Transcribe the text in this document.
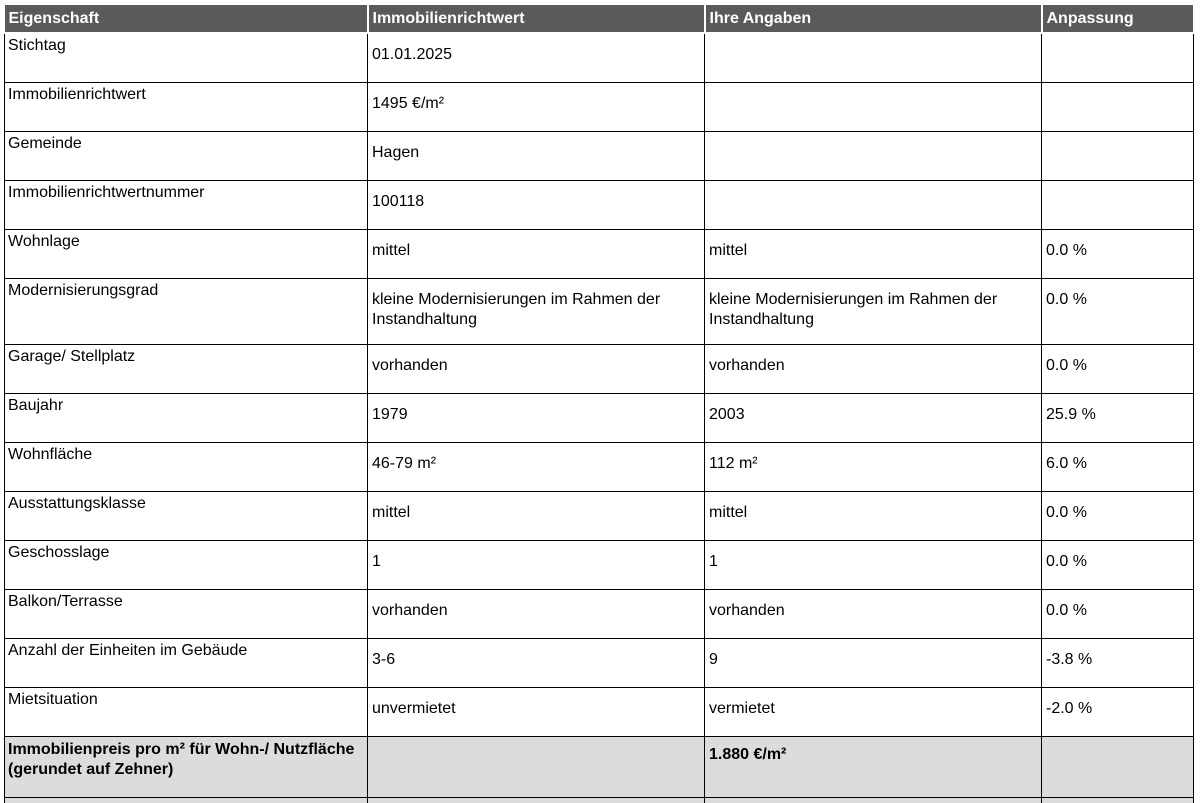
Eigenschaft	Immobilienrichtwert	Ihre Angaben	Anpassung
Stichtag	01.01.2025		
Immobilienrichtwert	1495 €/m²		
Gemeinde	Hagen		
Immobilienrichtwertnummer	100118		
Wohnlage	mittel	mittel	0.0 %
Modernisierungsgrad	kleine Modernisierungen im Rahmen der Instandhaltung	kleine Modernisierungen im Rahmen der Instandhaltung	0.0 %
Garage/ Stellplatz	vorhanden	vorhanden	0.0 %
Baujahr	1979	2003	25.9 %
Wohnfläche	46-79 m²	112 m²	6.0 %
Ausstattungsklasse	mittel	mittel	0.0 %
Geschosslage	1	1	0.0 %
Balkon/Terrasse	vorhanden	vorhanden	0.0 %
Anzahl der Einheiten im Gebäude	3-6	9	-3.8 %
Mietsituation	unvermietet	vermietet	-2.0 %
Immobilienpreis pro m² für Wohn-/ Nutzfläche (gerundet auf Zehner)		1.880 €/m²	
